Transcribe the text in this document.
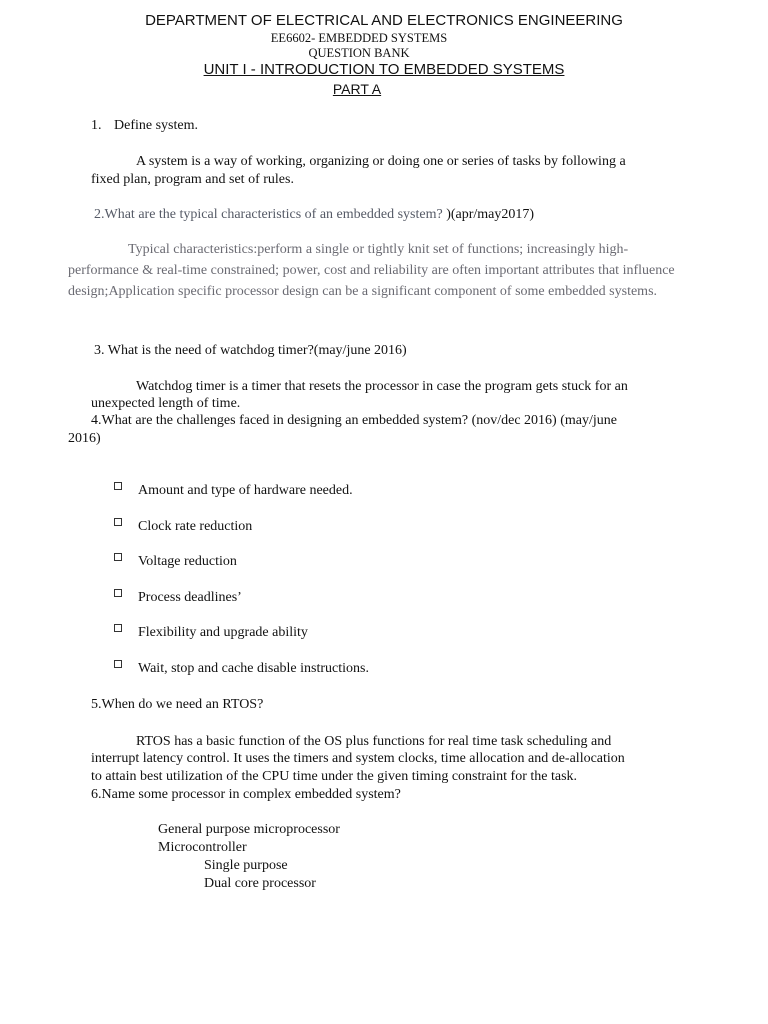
DEPARTMENT OF ELECTRICAL AND ELECTRONICS ENGINEERING
EE6602- EMBEDDED SYSTEMS
QUESTION BANK
UNIT I - INTRODUCTION TO EMBEDDED SYSTEMS
PART A
1. Define system.
A system is a way of working, organizing or doing one or series of tasks by following a
fixed plan, program and set of rules.
2.What are the typical characteristics of an embedded system? )(apr/may2017)
Typical characteristics:perform a single or tightly knit set of functions; increasingly high-performance & real-time constrained; power, cost and reliability are often important attributes that influence design;Application specific processor design can be a significant component of some embedded systems.
3. What is the need of watchdog timer?(may/june 2016)
Watchdog timer is a timer that resets the processor in case the program gets stuck for an
unexpected length of time.
4.What are the challenges faced in designing an embedded system? (nov/dec 2016) (may/june
2016)
Amount and type of hardware needed.
Clock rate reduction
Voltage reduction
Process deadlines’
Flexibility and upgrade ability
Wait, stop and cache disable instructions.
5.When do we need an RTOS?
RTOS has a basic function of the OS plus functions for real time task scheduling and
interrupt latency control. It uses the timers and system clocks, time allocation and de-allocation
to attain best utilization of the CPU time under the given timing constraint for the task.
6.Name some processor in complex embedded system?
General purpose microprocessor
Microcontroller
Single purpose
Dual core processor
